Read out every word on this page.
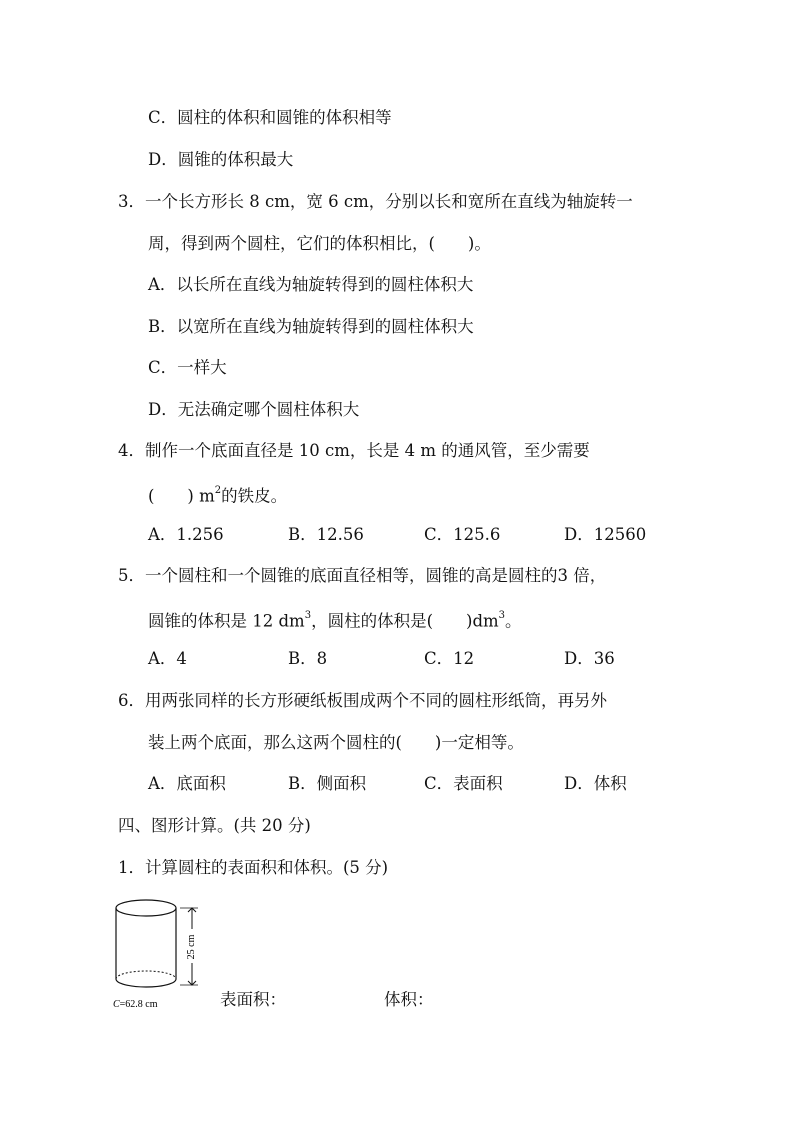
C．圆柱的体积和圆锥的体积相等
D．圆锥的体积最大
3．一个长方形长 8 cm，宽 6 cm，分别以长和宽所在直线为轴旋转一
周，得到两个圆柱，它们的体积相比，(　　)。
A．以长所在直线为轴旋转得到的圆柱体积大
B．以宽所在直线为轴旋转得到的圆柱体积大
C．一样大
D．无法确定哪个圆柱体积大
4．制作一个底面直径是 10 cm，长是 4 m 的通风管，至少需要
(　　) $m^2$的铁皮。
A．1.256	B．12.56	C．125.6	D．12560
5．一个圆柱和一个圆锥的底面直径相等，圆锥的高是圆柱的3 倍，
圆锥的体积是 12 $dm^3$，圆柱的体积是(　　)$dm^3$。
A．4	B．8	C．12	D．36
6．用两张同样的长方形硬纸板围成两个不同的圆柱形纸筒，再另外
装上两个底面，那么这两个圆柱的(　　)一定相等。
A．底面积	B．侧面积	C．表面积	D．体积
四、图形计算。(共 20 分)
1．计算圆柱的表面积和体积。(5 分)
25 cm
C=62.8 cm	表面积：	体积：
